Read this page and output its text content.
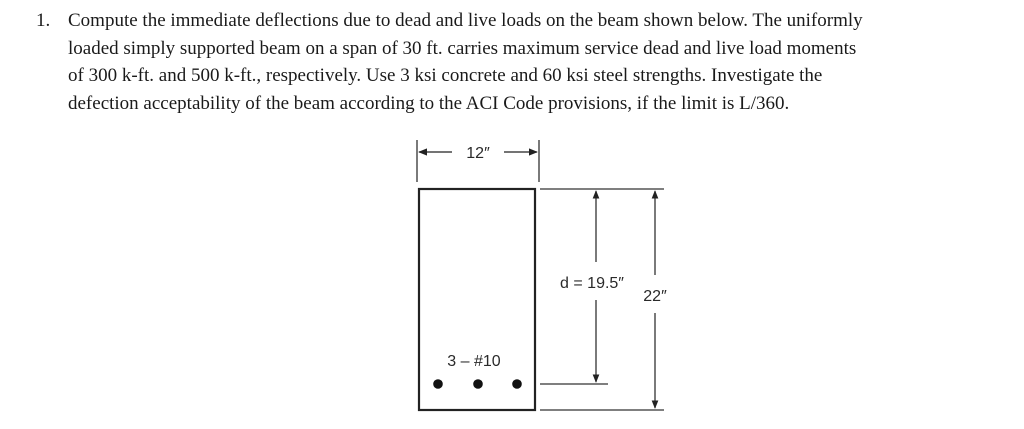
1. Compute the immediate deflections due to dead and live loads on the beam shown below. The uniformly
loaded simply supported beam on a span of 30 ft. carries maximum service dead and live load moments
of 300 k-ft. and 500 k-ft., respectively. Use 3 ksi concrete and 60 ksi steel strengths. Investigate the
defection acceptability of the beam according to the ACI Code provisions, if the limit is L/360.
12″
3 – #10
d = 19.5″
22″
